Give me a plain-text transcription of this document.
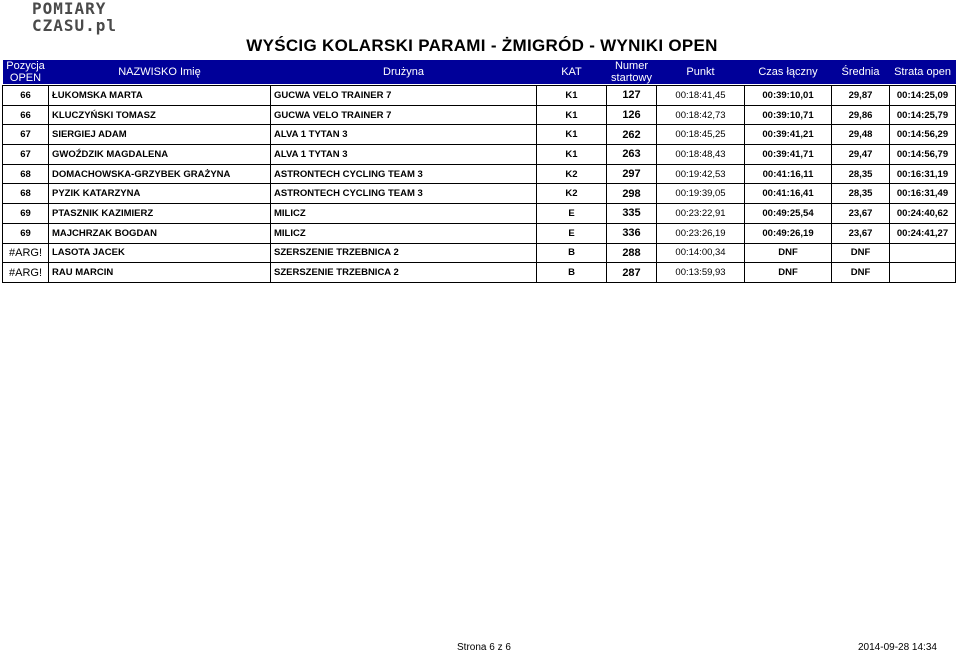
POMIARY
CZASU.pl
WYŚCIG KOLARSKI PARAMI - ŻMIGRÓD - WYNIKI OPEN
Pozycja
OPEN	NAZWISKO Imię	Drużyna	KAT	Numer
startowy	Punkt	Czas łączny	Średnia	Strata open

66	ŁUKOMSKA MARTA	GUCWA VELO TRAINER 7	K1	127	00:18:41,45	00:39:10,01	29,87	00:14:25,09
66	KLUCZYŃSKI TOMASZ	GUCWA VELO TRAINER 7	K1	126	00:18:42,73	00:39:10,71	29,86	00:14:25,79
67	SIERGIEJ ADAM	ALVA 1 TYTAN 3	K1	262	00:18:45,25	00:39:41,21	29,48	00:14:56,29
67	GWOŹDZIK MAGDALENA	ALVA 1 TYTAN 3	K1	263	00:18:48,43	00:39:41,71	29,47	00:14:56,79
68	DOMACHOWSKA-GRZYBEK GRAŻYNA	ASTRONTECH CYCLING TEAM 3	K2	297	00:19:42,53	00:41:16,11	28,35	00:16:31,19
68	PYZIK KATARZYNA	ASTRONTECH CYCLING TEAM 3	K2	298	00:19:39,05	00:41:16,41	28,35	00:16:31,49
69	PTASZNIK KAZIMIERZ	MILICZ	E	335	00:23:22,91	00:49:25,54	23,67	00:24:40,62
69	MAJCHRZAK BOGDAN	MILICZ	E	336	00:23:26,19	00:49:26,19	23,67	00:24:41,27
#ARG!	LASOTA JACEK	SZERSZENIE TRZEBNICA 2	B	288	00:14:00,34	DNF	DNF	
#ARG!	RAU MARCIN	SZERSZENIE TRZEBNICA 2	B	287	00:13:59,93	DNF	DNF	
Strona 6 z 6	2014-09-28 14:34
